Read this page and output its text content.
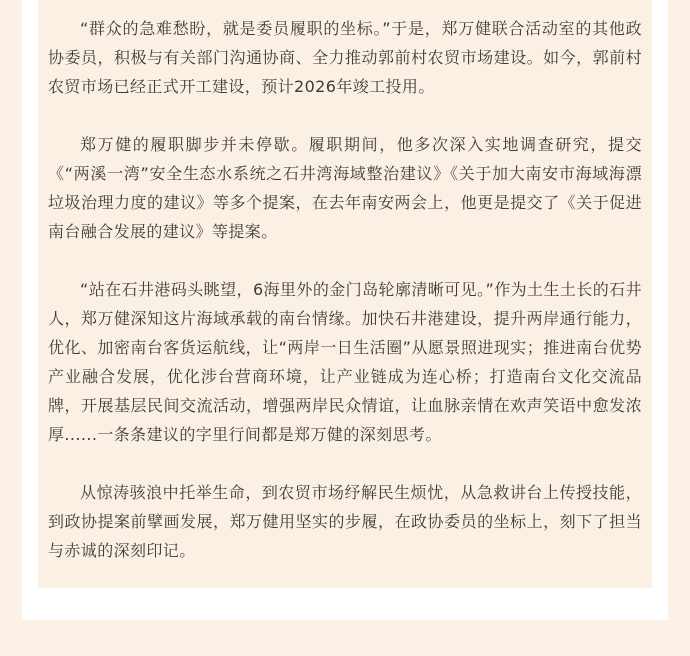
“群众的急难愁盼，就是委员履职的坐标。”于是，郑万健联合活动室的其他政协委员，积极与有关部门沟通协商、全力推动郭前村农贸市场建设。如今，郭前村农贸市场已经正式开工建设，预计2026年竣工投用。

郑万健的履职脚步并未停歇。履职期间，他多次深入实地调查研究，提交《“两溪一湾”安全生态水系统之石井湾海域整治建议》《关于加大南安市海域海漂垃圾治理力度的建议》等多个提案，在去年南安两会上，他更是提交了《关于促进南台融合发展的建议》等提案。

“站在石井港码头眺望，6海里外的金门岛轮廓清晰可见。”作为土生土长的石井人，郑万健深知这片海域承载的南台情缘。加快石井港建设，提升两岸通行能力，优化、加密南台客货运航线，让“两岸一日生活圈”从愿景照进现实；推进南台优势产业融合发展，优化涉台营商环境，让产业链成为连心桥；打造南台文化交流品牌，开展基层民间交流活动，增强两岸民众情谊，让血脉亲情在欢声笑语中愈发浓厚......一条条建议的字里行间都是郑万健的深刻思考。

从惊涛骇浪中托举生命，到农贸市场纾解民生烦忧，从急救讲台上传授技能，到政协提案前擘画发展，郑万健用坚实的步履，在政协委员的坐标上，刻下了担当与赤诚的深刻印记。
